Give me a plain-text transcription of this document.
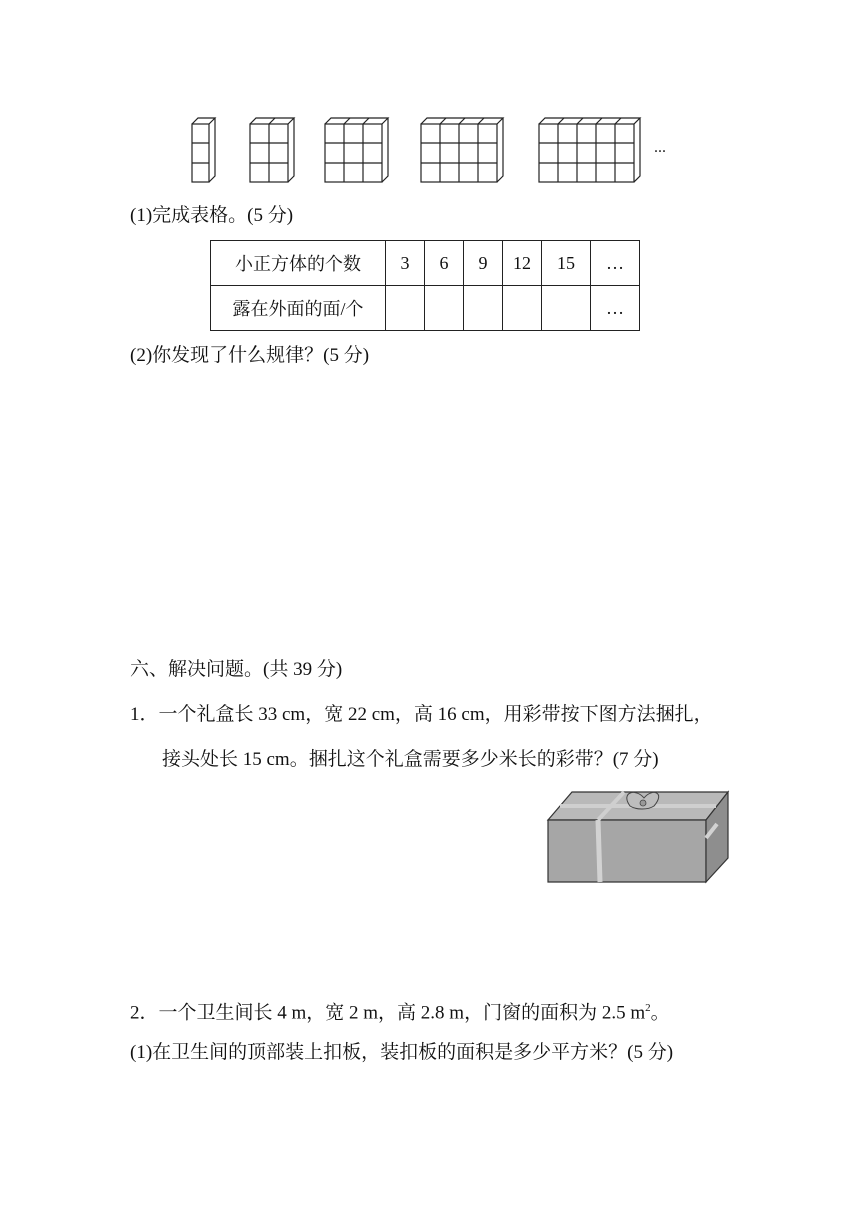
...
(1)完成表格。(5 分)
小正方体的个数	3	6	9	12	15	…
露在外面的面/个						…
(2)你发现了什么规律？(5 分)
六、解决问题。(共 39 分)
1．一个礼盒长 33 cm，宽 22 cm，高 16 cm，用彩带按下图方法捆扎，
接头处长 15 cm。捆扎这个礼盒需要多少米长的彩带？(7 分)
2．一个卫生间长 4 m，宽 2 m，高 2.8 m，门窗的面积为 2.5 $m^2$。
(1)在卫生间的顶部装上扣板，装扣板的面积是多少平方米？(5 分)
